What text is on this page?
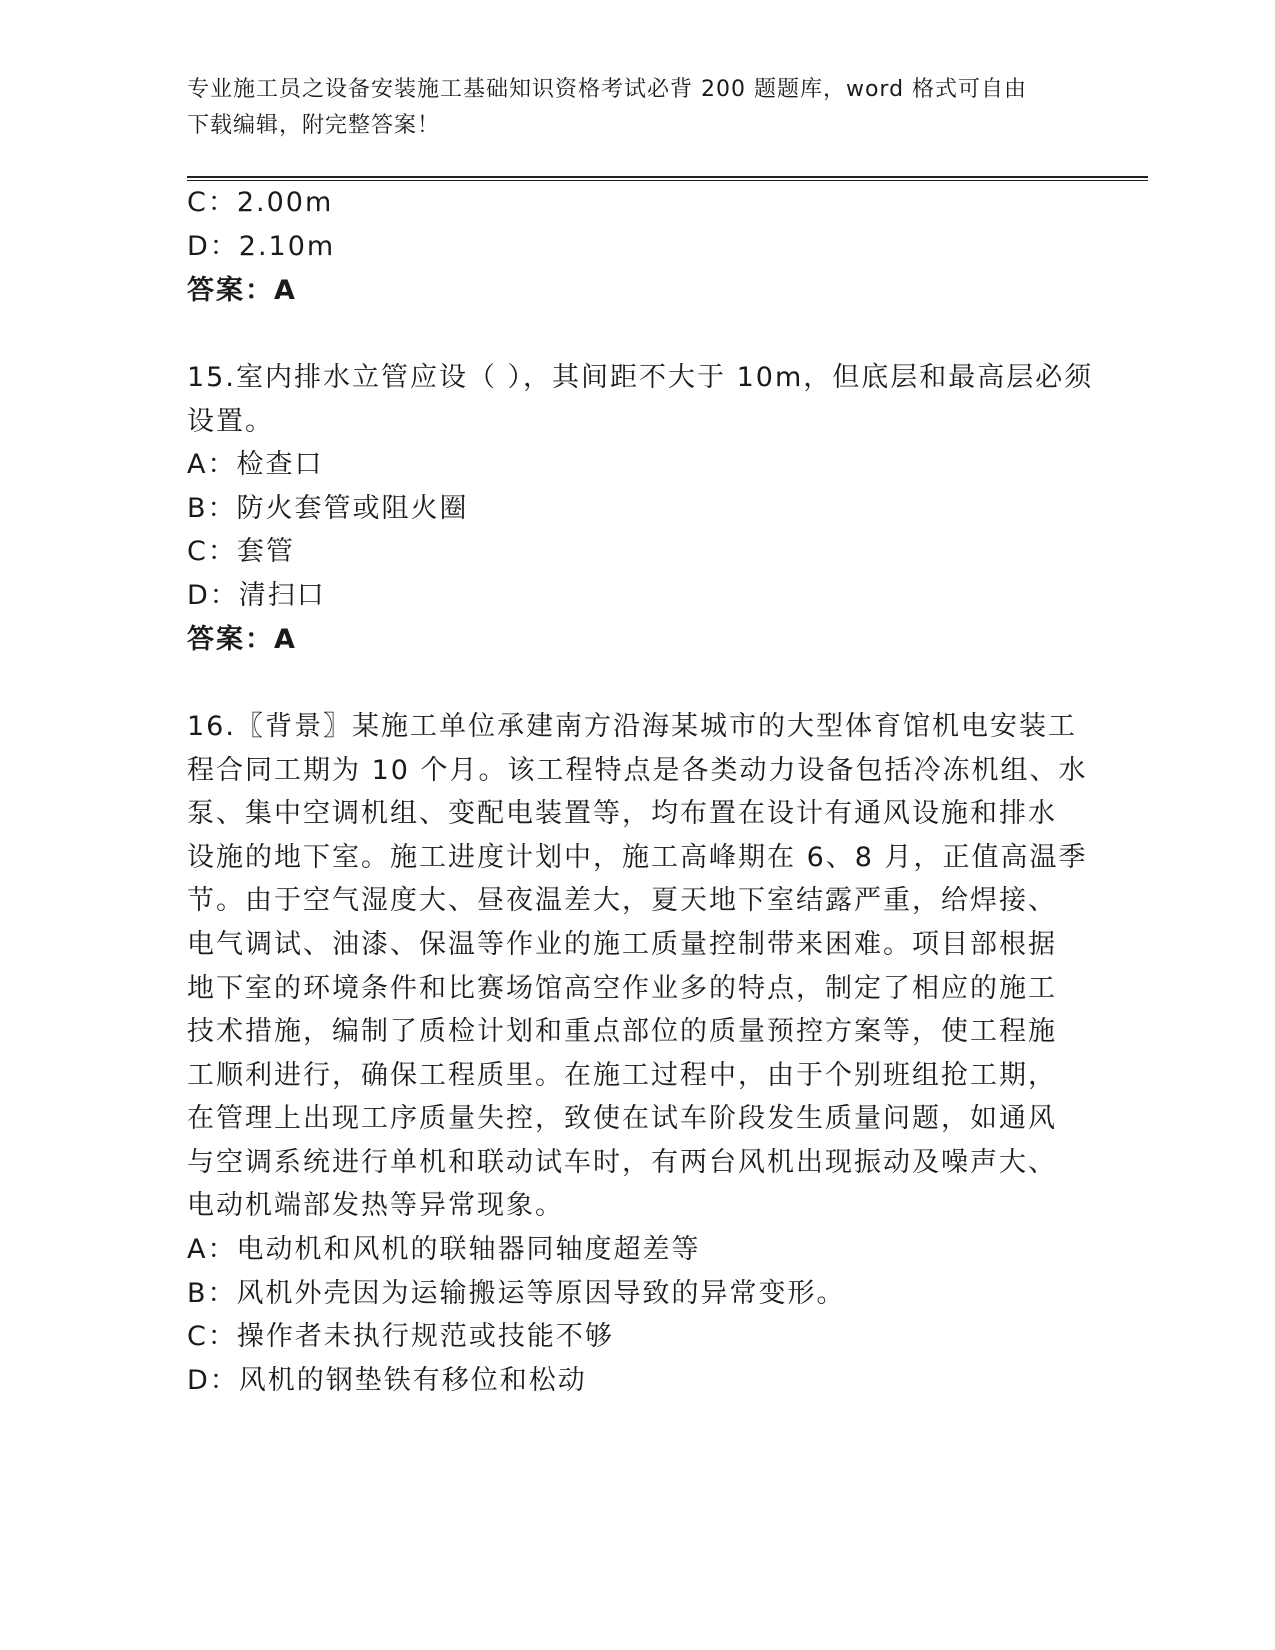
专业施工员之设备安装施工基础知识资格考试必背 200 题题库，word 格式可自由
下载编辑，附完整答案！
C：2.00m
D：2.10m
答案：A
15.室内排水立管应设（ ），其间距不大于 10m，但底层和最高层必须
设置。
A：检查口
B：防火套管或阻火圈
C：套管
D：清扫口
答案：A
16.〖背景〗某施工单位承建南方沿海某城市的大型体育馆机电安装工
程合同工期为 10 个月。该工程特点是各类动力设备包括冷冻机组、水
泵、集中空调机组、变配电装置等，均布置在设计有通风设施和排水
设施的地下室。施工进度计划中，施工高峰期在 6、8 月，正值高温季
节。由于空气湿度大、昼夜温差大，夏天地下室结露严重，给焊接、
电气调试、油漆、保温等作业的施工质量控制带来困难。项目部根据
地下室的环境条件和比赛场馆高空作业多的特点，制定了相应的施工
技术措施，编制了质检计划和重点部位的质量预控方案等，使工程施
工顺利进行，确保工程质里。在施工过程中，由于个别班组抢工期，
在管理上出现工序质量失控，致使在试车阶段发生质量问题，如通风
与空调系统进行单机和联动试车时，有两台风机出现振动及噪声大、
电动机端部发热等异常现象。
A：电动机和风机的联轴器同轴度超差等
B：风机外壳因为运输搬运等原因导致的异常变形。
C：操作者未执行规范或技能不够
D：风机的钢垫铁有移位和松动
